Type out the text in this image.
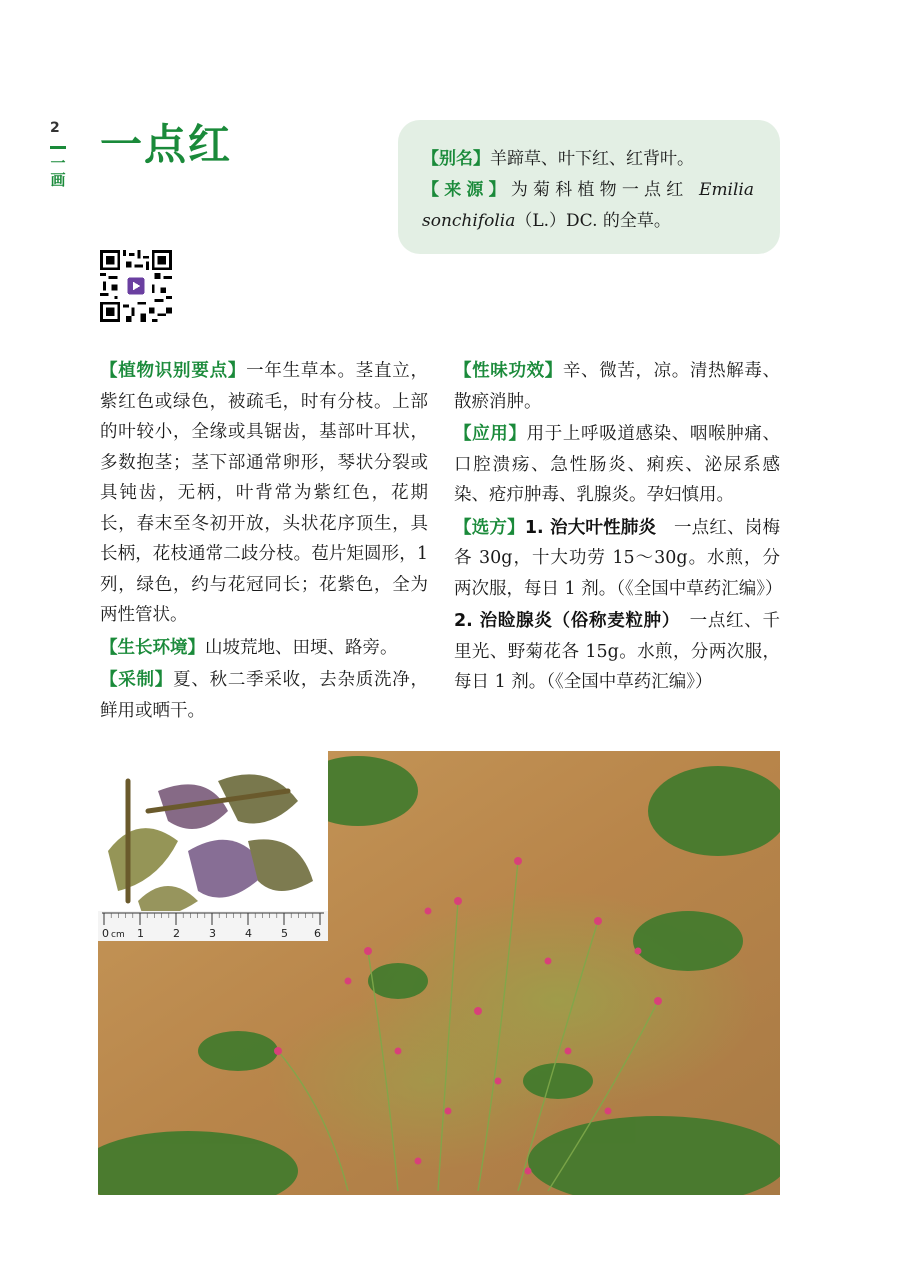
2
一画
一点红	【别名】羊蹄草、叶下红、红背叶。
【来源】为菊科植物一点红 Emilia sonchifolia（L.）DC. 的全草。

【植物识别要点】一年生草本。茎直立，紫红色或绿色，被疏毛，时有分枝。上部的叶较小，全缘或具锯齿，基部叶耳状，多数抱茎；茎下部通常卵形，琴状分裂或具钝齿，无柄，叶背常为紫红色，花期长，春末至冬初开放，头状花序顶生，具长柄，花枝通常二歧分枝。苞片矩圆形，1列，绿色，约与花冠同长；花紫色，全为两性管状。

【生长环境】山坡荒地、田埂、路旁。

【采制】夏、秋二季采收，去杂质洗净，鲜用或晒干。

【性味功效】辛、微苦，凉。清热解毒、散瘀消肿。

【应用】用于上呼吸道感染、咽喉肿痛、口腔溃疡、急性肠炎、痢疾、泌尿系感染、疮疖肿毒、乳腺炎。孕妇慎用。

【选方】1. 治大叶性肺炎　一点红、岗梅各 30g，十大功劳 15～30g。水煎，分两次服，每日 1 剂。（《全国中草药汇编》）

2. 治睑腺炎（俗称麦粒肿）　一点红、千里光、野菊花各 15g。水煎，分两次服，每日 1 剂。（《全国中草药汇编》）

0 cm 1	2	3	4	5 6
